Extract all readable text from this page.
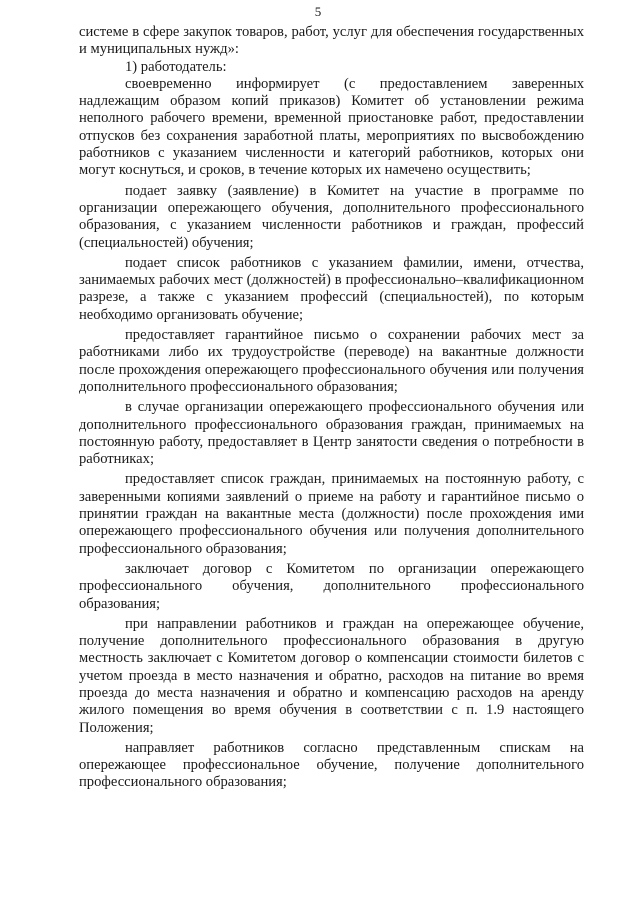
5

системе в сфере закупок товаров, работ, услуг для обеспечения государственных и муниципальных нужд»:

1) работодатель:

своевременно информирует (с предоставлением заверенных надлежащим образом копий приказов) Комитет об установлении режима неполного рабочего времени, временной приостановке работ, предоставлении отпусков без сохранения заработной платы, мероприятиях по высвобождению работников с указанием численности и категорий работников, которых они могут коснуться, и сроков, в течение которых их намечено осуществить;

подает заявку (заявление) в Комитет на участие в программе по организации опережающего обучения, дополнительного профессионального образования, с указанием численности работников и граждан, профессий (специальностей) обучения;

подает список работников с указанием фамилии, имени, отчества, занимаемых рабочих мест (должностей) в профессионально–квалификационном разрезе, а также с указанием профессий (специальностей), по которым необходимо организовать обучение;

предоставляет гарантийное письмо о сохранении рабочих мест за работниками либо их трудоустройстве (переводе) на вакантные должности после прохождения опережающего профессионального обучения или получения дополнительного профессионального образования;

в случае организации опережающего профессионального обучения или дополнительного профессионального образования граждан, принимаемых на постоянную работу, предоставляет в Центр занятости сведения о потребности в работниках;

предоставляет список граждан, принимаемых на постоянную работу, с заверенными копиями заявлений о приеме на работу и гарантийное письмо о принятии граждан на вакантные места (должности) после прохождения ими опережающего профессионального обучения или получения дополнительного профессионального образования;

заключает договор с Комитетом по организации опережающего профессионального обучения, дополнительного профессионального образования;

при направлении работников и граждан на опережающее обучение, получение дополнительного профессионального образования в другую местность заключает с Комитетом договор о компенсации стоимости билетов с учетом проезда в место назначения и обратно, расходов на питание во время проезда до места назначения и обратно и компенсацию расходов на аренду жилого помещения во время обучения в соответствии с п. 1.9 настоящего Положения;

направляет работников согласно представленным спискам на опережающее профессиональное обучение, получение дополнительного профессионального образования;
